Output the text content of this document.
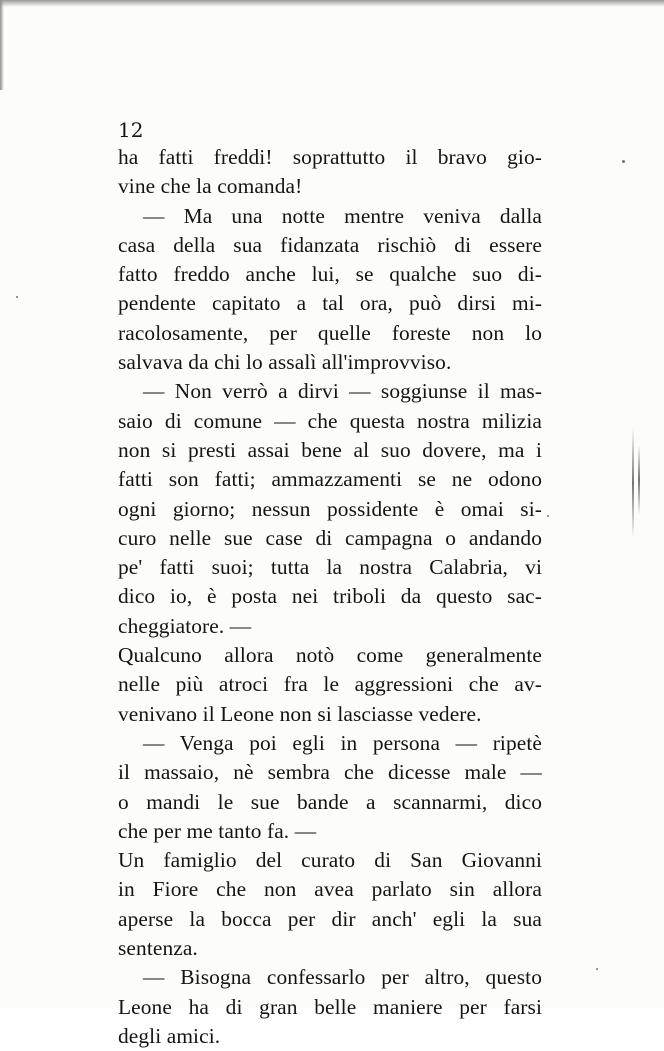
12
ha fatti freddi! soprattutto il bravo gio-
vine che la comanda!
— Ma una notte mentre veniva dalla
casa della sua fidanzata rischiò di essere
fatto freddo anche lui, se qualche suo di-
pendente capitato a tal ora, può dirsi mi-
racolosamente, per quelle foreste non lo
salvava da chi lo assalì all'improvviso.
— Non verrò a dirvi — soggiunse il mas-
saio di comune — che questa nostra milizia
non si presti assai bene al suo dovere, ma i
fatti son fatti; ammazzamenti se ne odono
ogni giorno; nessun possidente è omai si-
curo nelle sue case di campagna o andando
pe' fatti suoi; tutta la nostra Calabria, vi
dico io, è posta nei triboli da questo sac-
cheggiatore. —
Qualcuno allora notò come generalmente
nelle più atroci fra le aggressioni che av-
venivano il Leone non si lasciasse vedere.
— Venga poi egli in persona — ripetè
il massaio, nè sembra che dicesse male —
o mandi le sue bande a scannarmi, dico
che per me tanto fa. —
Un famiglio del curato di San Giovanni
in Fiore che non avea parlato sin allora
aperse la bocca per dir anch' egli la sua
sentenza.
— Bisogna confessarlo per altro, questo
Leone ha di gran belle maniere per farsi
degli amici.
